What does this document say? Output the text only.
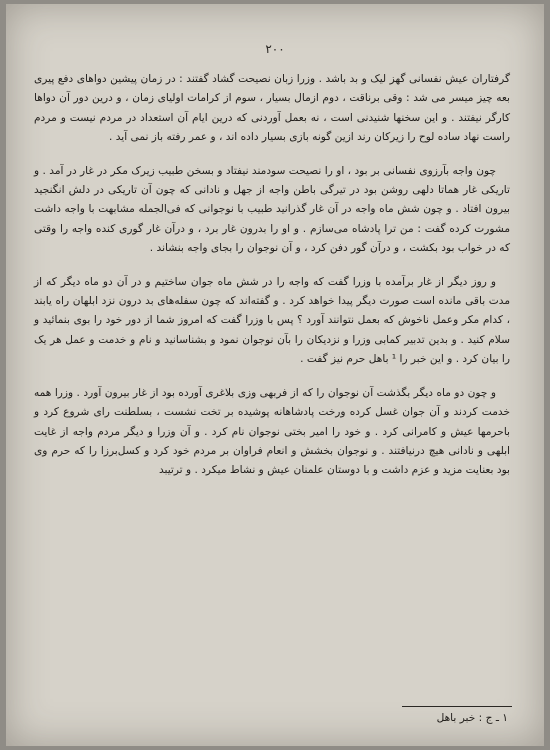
۲۰۰

گرفتاران عیش نفسانی گهز لیک و بد باشد . وزرا زبان نصیحت گشاد گفتند : در زمان پیشین دواهای دفع پیری بعه چیز میسر می شد : وقی برناقت ، دوم ازمال بسیار ، سوم از کرامات اولیای زمان ، و درین دور آن دواها کارگر نیفتند . و این سخنها شنیدنی است ، نه بعمل آوردنی که درین ایام آن استعداد در مردم نیست و مردم راست نهاد ساده لوح را زیرکان رند ازین گونه بازی بسیار داده اند ، و عمر رفته باز نمی آید .

چون واجه بآرزوی نفسانی بر بود ، او را نصیحت سودمند نیفتاد و بسخن طبیب زیرک مکر در غار در آمد . و تاریکی غار هماتا دلهی روشن بود در تیرگی باطن واجه از جهل و نادانی که چون آن تاریکی در دلش انگنجید بیرون افتاد . و چون شش ماه واجه در آن غار گذرانید طبیب با نوجوانی که فی‌الجمله مشابهت با واجه داشت مشورت کرده گفت : من ترا پادشاه می‌سازم . و او را بدرون غار برد ، و درآن غار گوری کنده واجه را وقتی که در خواب بود بکشت ، و درآن گور دفن کرد ، و آن نوجوان را بجای واجه بنشاند .

و روز دیگر از غار برآمده با وزرا گفت که واجه را در شش ماه جوان ساختیم و در آن دو ماه دیگر که از مدت باقی مانده است صورت دیگر پیدا خواهد کرد . و گفته‌اند که چون سفله‌های بد درون نزد ابلهان راه یابند ، کدام مکر وعمل ناخوش که بعمل نتوانند آورد ؟ پس با وزرا گفت که امروز شما از دور خود را بوی بنمائید و سلام کنید . و بدین تدبیر کمابی وزرا و نزدیکان را بآن نوجوان نمود و بشناسانید و نام و خدمت و عمل هر یک را بیان کرد . و این خبر را ¹ باهل حرم نیز گفت .

و چون دو ماه دیگر بگذشت آن نوجوان را که از فربهی وزی بلاغری آورده بود از غار بیرون آورد . وزرا همه خدمت کردند و آن جوان غسل کرده ورخت پادشاهانه پوشیده بر تخت نشست ، بسلطنت رای شروع کرد و باحرمها عیش و کامرانی کرد . و خود را امیر بختی نوجوان نام کرد . و آن وزرا و دیگر مردم واجه از غایت ابلهی و نادانی هیچ درنیافتند . و نوجوان بخشش و انعام فراوان بر مردم خود کرد و کسل‌برزا را که حرم وی بود بعنایت مزید و عزم داشت و با دوستان علمنان عیش و نشاط میکرد . و ترتیبد

۱ ـ ج : خبر باهل
